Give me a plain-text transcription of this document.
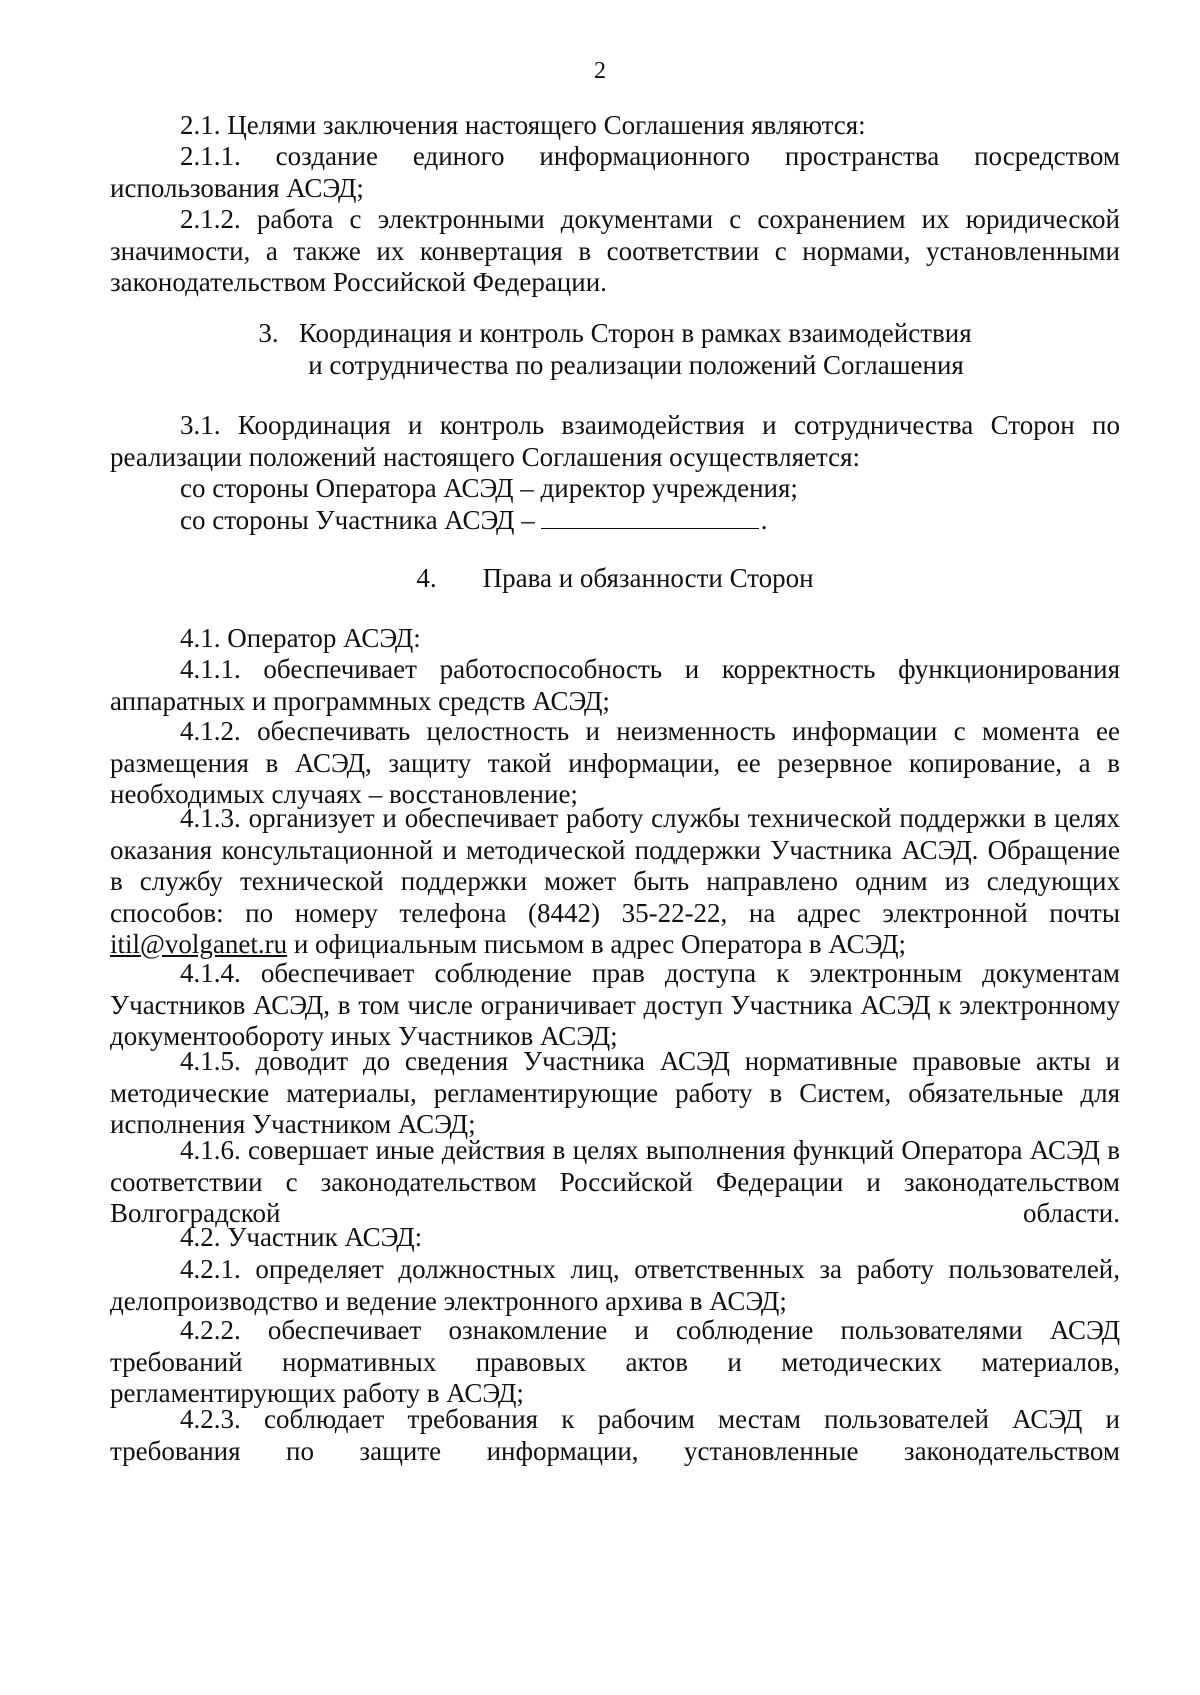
2
2.1. Целями заключения настоящего Соглашения являются:
2.1.1. создание единого информационного пространства посредством использования АСЭД;
2.1.2. работа с электронными документами с сохранением их юридической значимости, а также их конвертация в соответствии с нормами, установленными законодательством Российской Федерации.
3. Координация и контроль Сторон в рамках взаимодействия
и сотрудничества по реализации положений Соглашения
3.1. Координация и контроль взаимодействия и сотрудничества Сторон по реализации положений настоящего Соглашения осуществляется:
со стороны Оператора АСЭД – директор учреждения;
со стороны Участника АСЭД –	.
4. Права и обязанности Сторон
4.1. Оператор АСЭД:
4.1.1. обеспечивает работоспособность и корректность функционирования аппаратных и программных средств АСЭД;
4.1.2. обеспечивать целостность и неизменность информации с момента ее размещения в АСЭД, защиту такой информации, ее резервное копирование, а в необходимых случаях – восстановление;
4.1.3. организует и обеспечивает работу службы технической поддержки в целях оказания консультационной и методической поддержки Участника АСЭД. Обращение в службу технической поддержки может быть направлено одним из следующих способов: по номеру телефона (8442) 35-22-22, на адрес электронной почты itil@volganet.ru и официальным письмом в адрес Оператора в АСЭД;
4.1.4. обеспечивает соблюдение прав доступа к электронным документам Участников АСЭД, в том числе ограничивает доступ Участника АСЭД к электронному документообороту иных Участников АСЭД;
4.1.5. доводит до сведения Участника АСЭД нормативные правовые акты и методические материалы, регламентирующие работу в Систем, обязательные для исполнения Участником АСЭД;
4.1.6. совершает иные действия в целях выполнения функций Оператора АСЭД в соответствии с законодательством Российской Федерации и законодательством Волгоградской области.
4.2. Участник АСЭД:
4.2.1. определяет должностных лиц, ответственных за работу пользователей, делопроизводство и ведение электронного архива в АСЭД;
4.2.2. обеспечивает ознакомление и соблюдение пользователями АСЭД требований нормативных правовых актов и методических материалов, регламентирующих работу в АСЭД;
4.2.3. соблюдает требования к рабочим местам пользователей АСЭД и требования по защите информации, установленные законодательством
